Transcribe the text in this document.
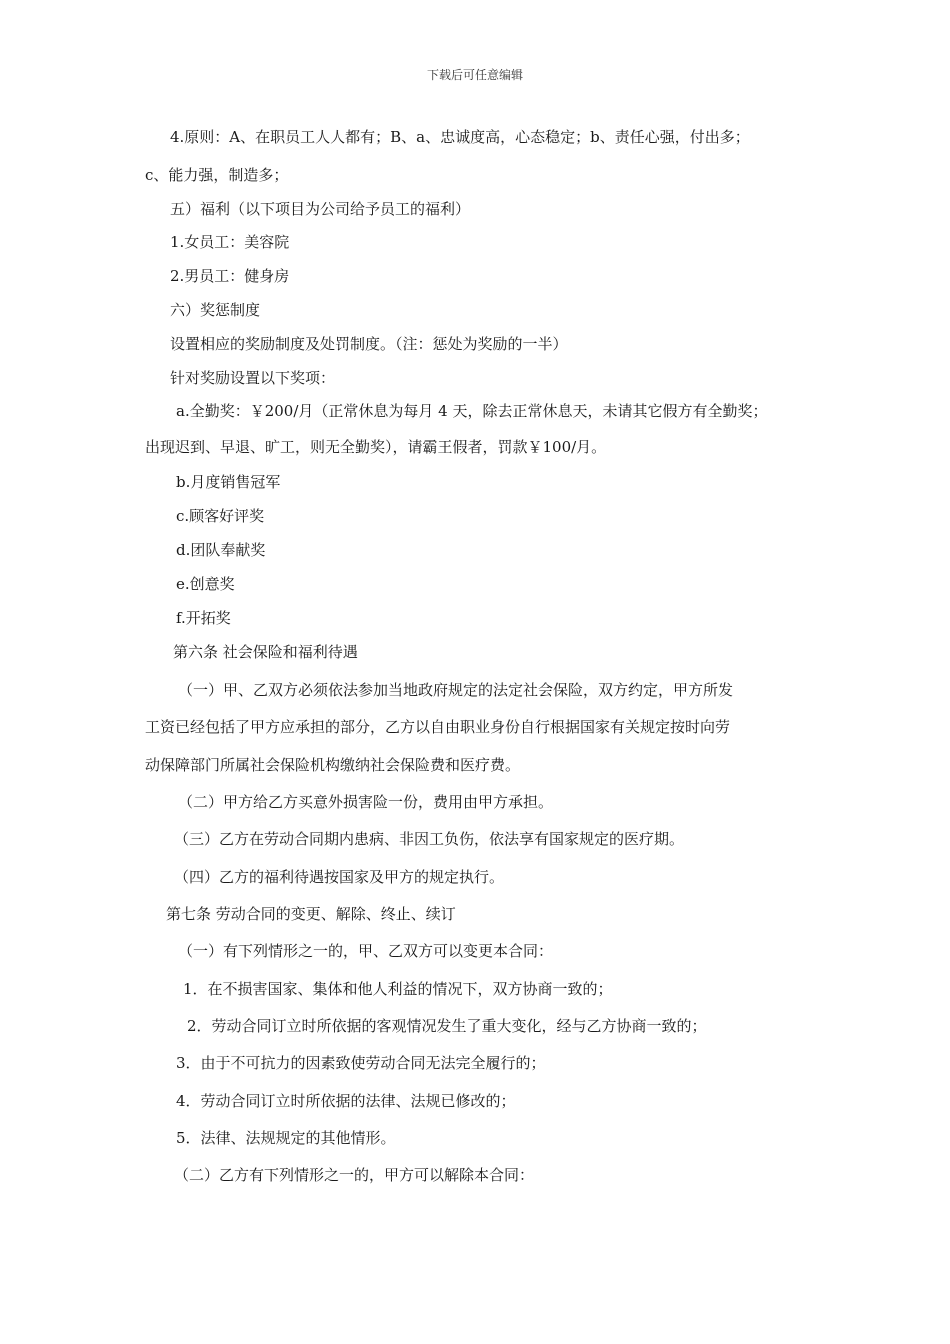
下载后可任意编辑
4.原则：A、在职员工人人都有；B、a、忠诚度高，心态稳定；b、责任心强，付出多；
c、能力强，制造多；
五）福利（以下项目为公司给予员工的福利）
1.女员工：美容院
2.男员工：健身房
六）奖惩制度
设置相应的奖励制度及处罚制度。（注：惩处为奖励的一半）
针对奖励设置以下奖项：
a.全勤奖：￥200/月（正常休息为每月 4 天，除去正常休息天，未请其它假方有全勤奖；
出现迟到、早退、旷工，则无全勤奖），请霸王假者，罚款￥100/月。
b.月度销售冠军
c.顾客好评奖
d.团队奉献奖
e.创意奖
f.开拓奖
第六条 社会保险和福利待遇
（一）甲、乙双方必须依法参加当地政府规定的法定社会保险，双方约定，甲方所发
工资已经包括了甲方应承担的部分，乙方以自由职业身份自行根据国家有关规定按时向劳
动保障部门所属社会保险机构缴纳社会保险费和医疗费。
（二）甲方给乙方买意外损害险一份，费用由甲方承担。
（三）乙方在劳动合同期内患病、非因工负伤，依法享有国家规定的医疗期。
（四）乙方的福利待遇按国家及甲方的规定执行。
第七条 劳动合同的变更、解除、终止、续订
（一）有下列情形之一的，甲、乙双方可以变更本合同：
1．在不损害国家、集体和他人利益的情况下，双方协商一致的；
2．劳动合同订立时所依据的客观情况发生了重大变化，经与乙方协商一致的；
3．由于不可抗力的因素致使劳动合同无法完全履行的；
4．劳动合同订立时所依据的法律、法规已修改的；
5．法律、法规规定的其他情形。
（二）乙方有下列情形之一的，甲方可以解除本合同：
